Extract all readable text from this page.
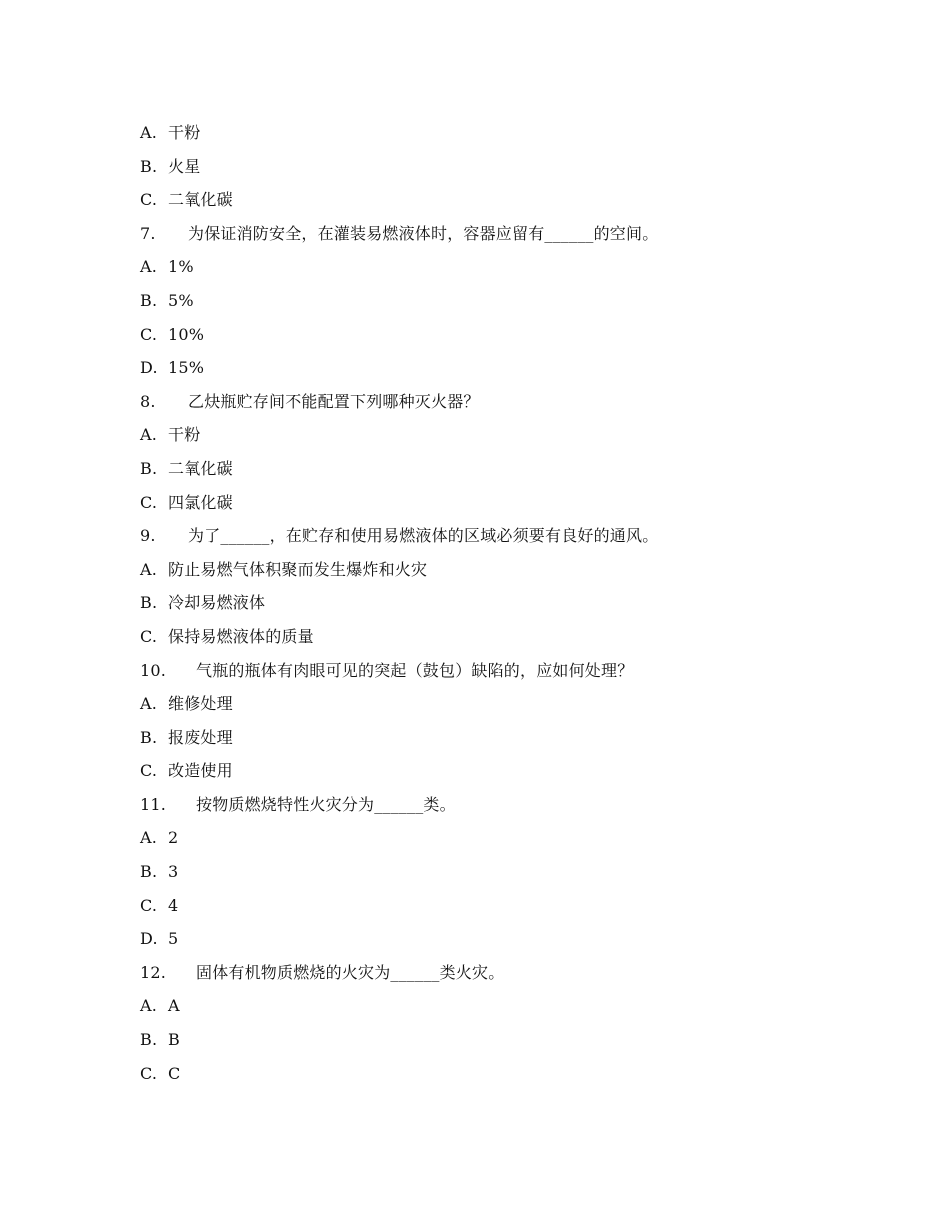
A. 干粉
B. 火星
C. 二氧化碳
7. 为保证消防安全，在灌装易燃液体时，容器应留有______的空间。
A. 1%
B. 5%
C. 10%
D. 15%
8. 乙炔瓶贮存间不能配置下列哪种灭火器？
A. 干粉
B. 二氧化碳
C. 四氯化碳
9. 为了______，在贮存和使用易燃液体的区域必须要有良好的通风。
A. 防止易燃气体积聚而发生爆炸和火灾
B. 冷却易燃液体
C. 保持易燃液体的质量
10. 气瓶的瓶体有肉眼可见的突起（鼓包）缺陷的，应如何处理？
A. 维修处理
B. 报废处理
C. 改造使用
11. 按物质燃烧特性火灾分为______类。
A. 2
B. 3
C. 4
D. 5
12. 固体有机物质燃烧的火灾为______类火灾。
A. A
B. B
C. C
